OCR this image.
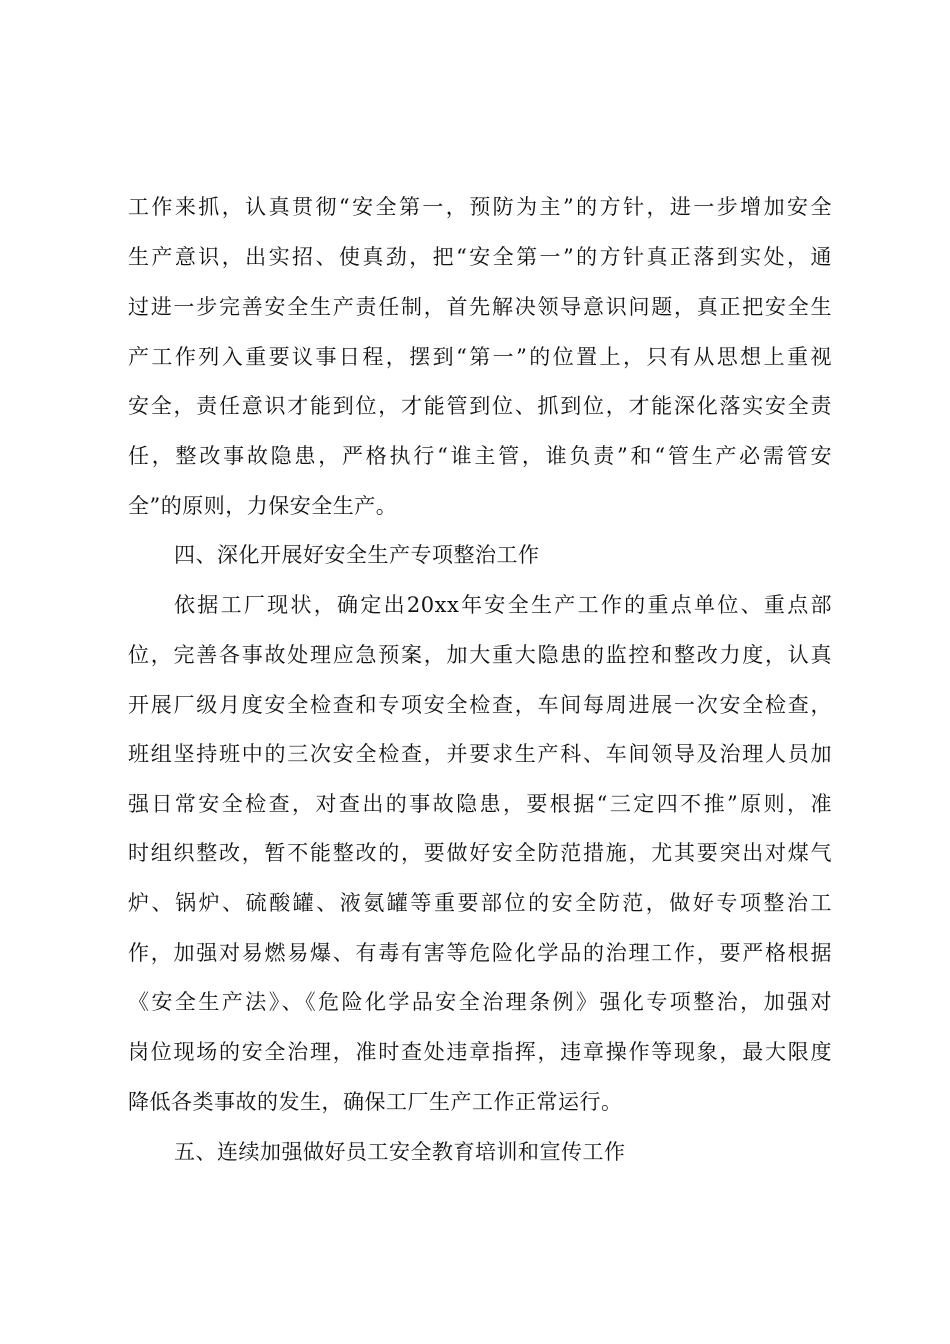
工作来抓，认真贯彻“安全第一，预防为主”的方针，进一步增加安全
生产意识，出实招、使真劲，把“安全第一”的方针真正落到实处，通
过进一步完善安全生产责任制，首先解决领导意识问题，真正把安全生
产工作列入重要议事日程，摆到“第一”的位置上，只有从思想上重视
安全，责任意识才能到位，才能管到位、抓到位，才能深化落实安全责
任，整改事故隐患，严格执行“谁主管，谁负责”和“管生产必需管安
全”的原则，力保安全生产。
四、深化开展好安全生产专项整治工作
依据工厂现状，确定出20xx年安全生产工作的重点单位、重点部
位，完善各事故处理应急预案，加大重大隐患的监控和整改力度，认真
开展厂级月度安全检查和专项安全检查，车间每周进展一次安全检查，
班组坚持班中的三次安全检查，并要求生产科、车间领导及治理人员加
强日常安全检查，对查出的事故隐患，要根据“三定四不推”原则，准
时组织整改，暂不能整改的，要做好安全防范措施，尤其要突出对煤气
炉、锅炉、硫酸罐、液氨罐等重要部位的安全防范，做好专项整治工
作，加强对易燃易爆、有毒有害等危险化学品的治理工作，要严格根据
《安全生产法》、《危险化学品安全治理条例》强化专项整治，加强对
岗位现场的安全治理，准时查处违章指挥，违章操作等现象，最大限度
降低各类事故的发生，确保工厂生产工作正常运行。
五、连续加强做好员工安全教育培训和宣传工作
